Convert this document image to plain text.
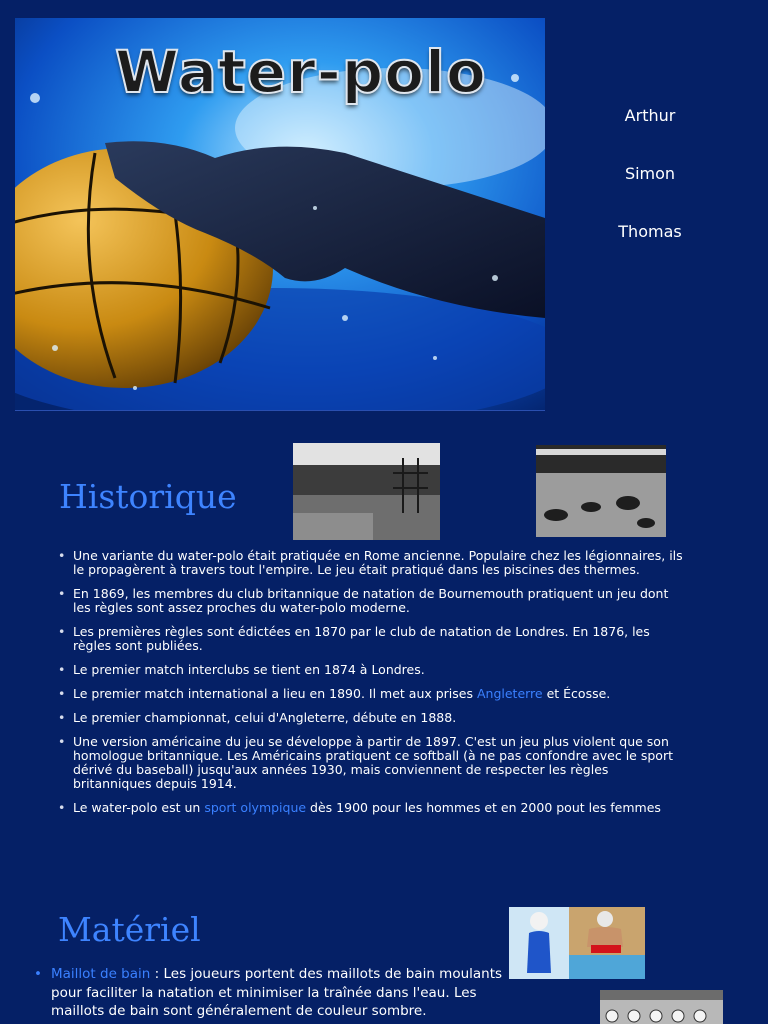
Water-polo
Arthur
Simon
Thomas
Historique
• Une variante du water-polo était pratiquée en Rome ancienne. Populaire chez les légionnaires, ils le propagèrent à travers tout l'empire. Le jeu était pratiqué dans les piscines des thermes.
• En 1869, les membres du club britannique de natation de Bournemouth pratiquent un jeu dont les règles sont assez proches du water-polo moderne.
• Les premières règles sont édictées en 1870 par le club de natation de Londres. En 1876, les règles sont publiées.
• Le premier match interclubs se tient en 1874 à Londres.
• Le premier match international a lieu en 1890. Il met aux prises Angleterre et Écosse.
• Le premier championnat, celui d'Angleterre, débute en 1888.
• Une version américaine du jeu se développe à partir de 1897. C'est un jeu plus violent que son homologue britannique. Les Américains pratiquent ce softball (à ne pas confondre avec le sport dérivé du baseball) jusqu'aux années 1930, mais conviennent de respecter les règles britanniques depuis 1914.
• Le water-polo est un sport olympique dès 1900 pour les hommes et en 2000 pout les femmes
Matériel
• Maillot de bain : Les joueurs portent des maillots de bain moulants pour faciliter la natation et minimiser la traînée dans l'eau. Les maillots de bain sont généralement de couleur sombre.
